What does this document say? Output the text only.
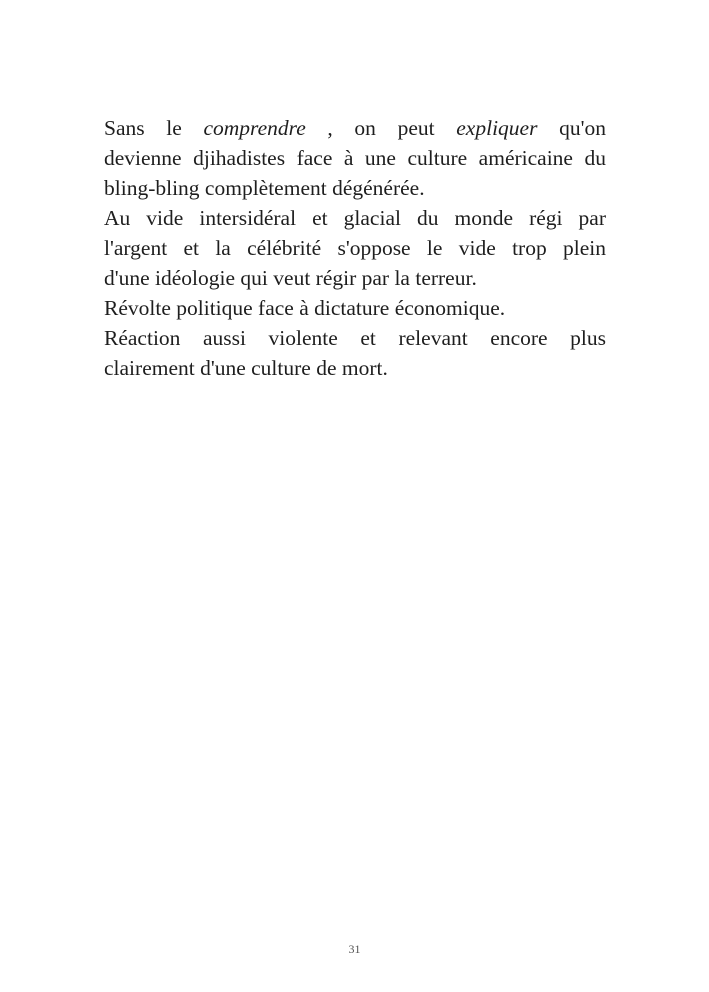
Sans le comprendre , on peut expliquer qu'on
devienne djihadistes face à une culture américaine du
bling-bling complètement dégénérée.

Au vide intersidéral et glacial du monde régi par
l'argent et la célébrité s'oppose le vide trop plein
d'une idéologie qui veut régir par la terreur.

Révolte politique face à dictature économique.

Réaction aussi violente et relevant encore plus
clairement d'une culture de mort.

31
